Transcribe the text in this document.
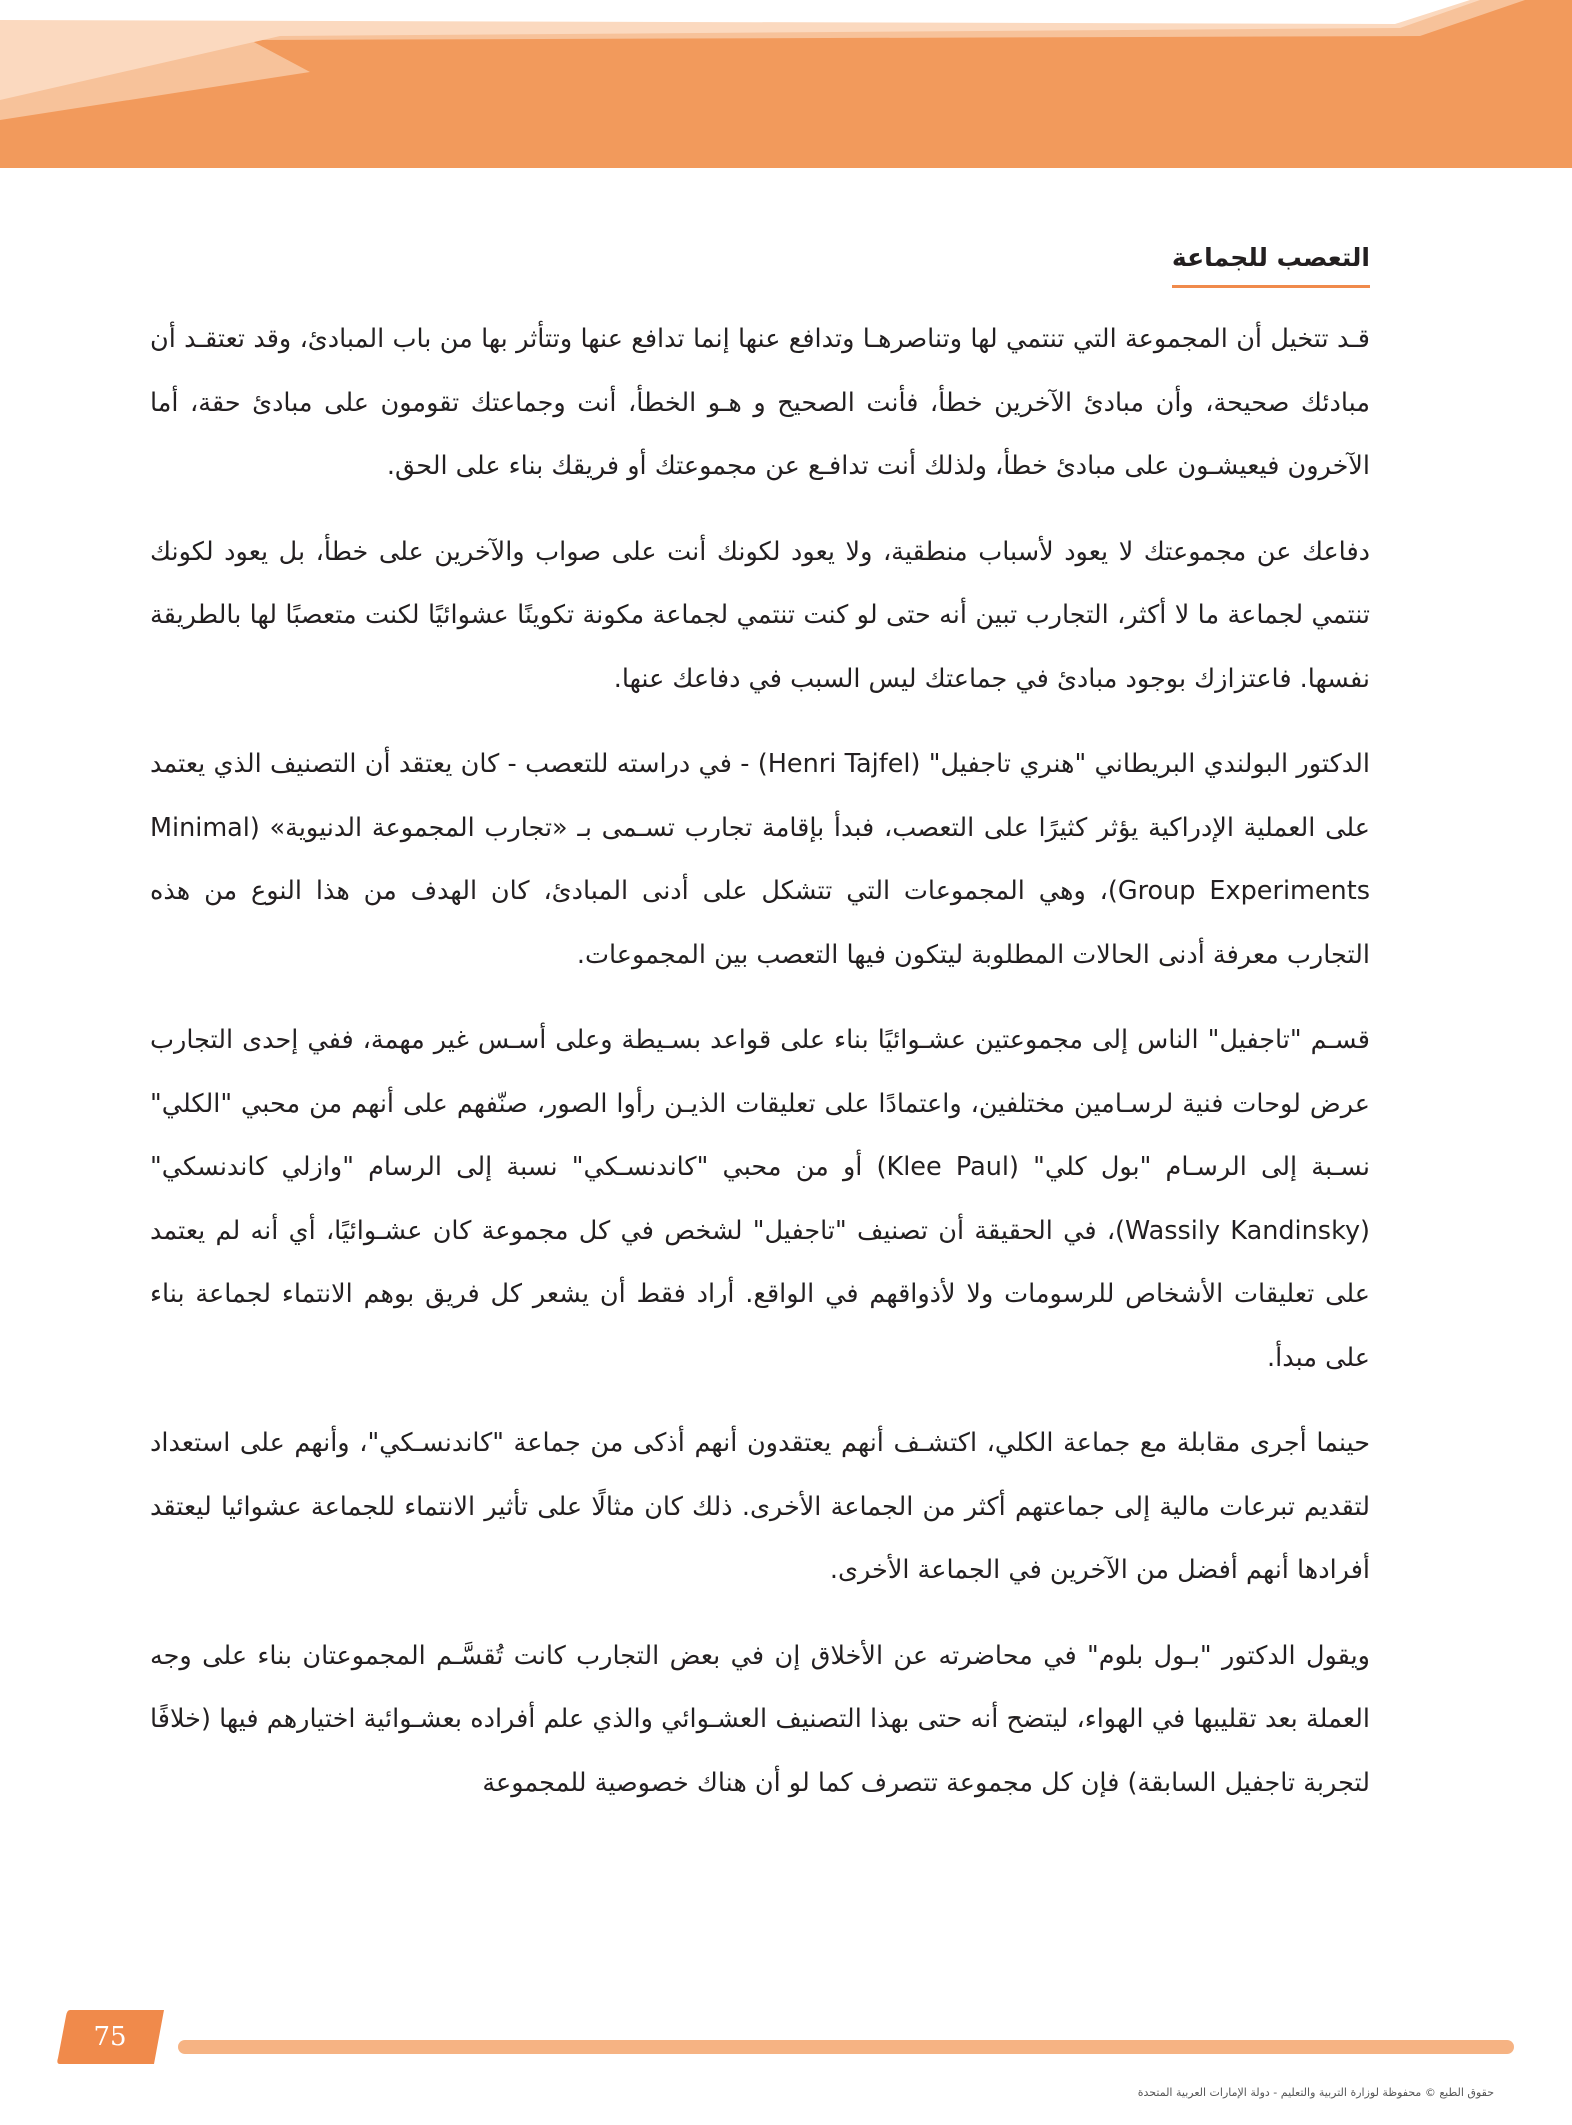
التعصب للجماعة

قـد تتخيل أن المجموعة التي تنتمي لها وتناصرهـا وتدافع عنها إنما تدافع عنها وتتأثر بها من باب المبادئ، وقد تعتقـد أن مبادئك صحيحة، وأن مبادئ الآخرين خطأ، فأنت الصحيح و هـو الخطأ، أنت وجماعتك تقومون على مبادئ حقة، أما الآخرون فيعيشـون على مبادئ خطأ، ولذلك أنت تدافـع عن مجموعتك أو فريقك بناء على الحق.

دفاعك عن مجموعتك لا يعود لأسباب منطقية، ولا يعود لكونك أنت على صواب والآخرين على خطأ، بل يعود لكونك تنتمي لجماعة ما لا أكثر، التجارب تبين أنه حتى لو كنت تنتمي لجماعة مكونة تكوينًا عشوائيًا لكنت متعصبًا لها بالطريقة نفسها. فاعتزازك بوجود مبادئ في جماعتك ليس السبب في دفاعك عنها.

الدكتور البولندي البريطاني "هنري تاجفيل" (Henri Tajfel) - في دراسته للتعصب - كان يعتقد أن التصنيف الذي يعتمد على العملية الإدراكية يؤثر كثيرًا على التعصب، فبدأ بإقامة تجارب تسـمى بـ «تجارب المجموعة الدنيوية» (Minimal Group Experiments)، وهي المجموعات التي تتشكل على أدنى المبادئ، كان الهدف من هذا النوع من هذه التجارب معرفة أدنى الحالات المطلوبة ليتكون فيها التعصب بين المجموعات.

قسـم "تاجفيل" الناس إلى مجموعتين عشـوائيًا بناء على قواعد بسـيطة وعلى أسـس غير مهمة، ففي إحدى التجارب عرض لوحات فنية لرسـامين مختلفين، واعتمادًا على تعليقات الذيـن رأوا الصور، صنّفهم على أنهم من محبي "الكلي" نسـبة إلى الرسـام "بول كلي" (Klee Paul) أو من محبي "كاندنسـكي" نسبة إلى الرسام "وازلي كاندنسكي" (Wassily Kandinsky)، في الحقيقة أن تصنيف "تاجفيل" لشخص في كل مجموعة كان عشـوائيًا، أي أنه لم يعتمد على تعليقات الأشخاص للرسومات ولا لأذواقهم في الواقع. أراد فقط أن يشعر كل فريق بوهم الانتماء لجماعة بناء على مبدأ.

حينما أجرى مقابلة مع جماعة الكلي، اكتشـف أنهم يعتقدون أنهم أذكى من جماعة "كاندنسـكي"، وأنهم على استعداد لتقديم تبرعات مالية إلى جماعتهم أكثر من الجماعة الأخرى. ذلك كان مثالًا على تأثير الانتماء للجماعة عشوائيا ليعتقد أفرادها أنهم أفضل من الآخرين في الجماعة الأخرى.

ويقول الدكتور "بـول بلوم" في محاضرته عن الأخلاق إن في بعض التجارب كانت تُقسَّـم المجموعتان بناء على وجه العملة بعد تقليبها في الهواء، ليتضح أنه حتى بهذا التصنيف العشـوائي والذي علم أفراده بعشـوائية اختيارهم فيها (خلافًا لتجربة تاجفيل السابقة) فإن كل مجموعة تتصرف كما لو أن هناك خصوصية للمجموعة

75
حقوق الطبع © محفوظة لوزارة التربية والتعليم - دولة الإمارات العربية المتحدة
